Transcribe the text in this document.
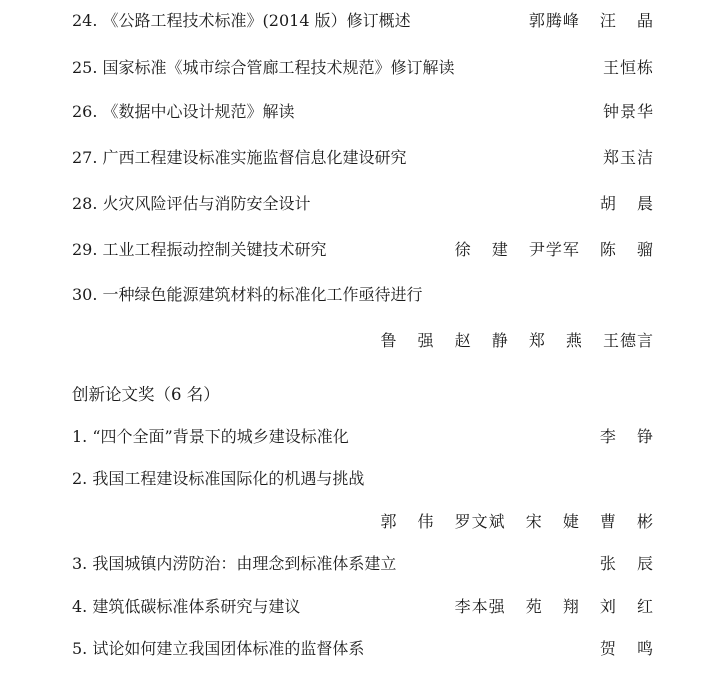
24. 《公路工程技术标准》(2014 版）修订概述	郭腾峰 汪 晶
25. 国家标准《城市综合管廊工程技术规范》修订解读	王恒栋
26. 《数据中心设计规范》解读	钟景华
27. 广西工程建设标准实施监督信息化建设研究	郑玉洁
28. 火灾风险评估与消防安全设计	胡 晨
29. 工业工程振动控制关键技术研究	徐 建 尹学军 陈 骝
30. 一种绿色能源建筑材料的标准化工作亟待进行
鲁 强 赵 静 郑 燕 王德言
创新论文奖（6 名）
1. “四个全面”背景下的城乡建设标准化	李 铮
2. 我国工程建设标准国际化的机遇与挑战
郭 伟 罗文斌 宋 婕 曹 彬
3. 我国城镇内涝防治：由理念到标准体系建立	张 辰
4. 建筑低碳标准体系研究与建议	李本强 苑 翔 刘 红
5. 试论如何建立我国团体标准的监督体系	贺 鸣
